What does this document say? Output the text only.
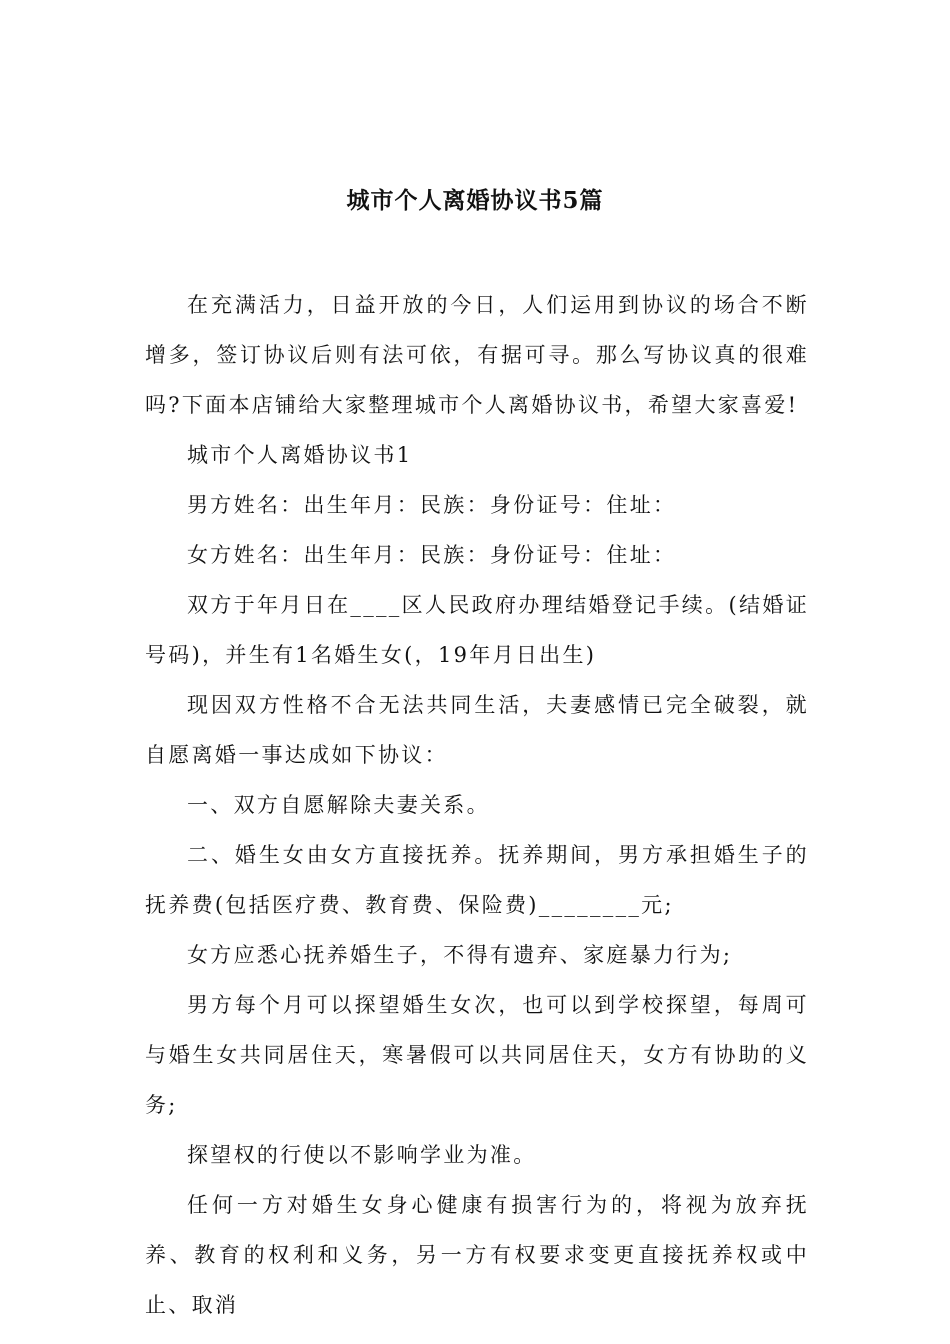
城市个人离婚协议书5篇

在充满活力，日益开放的今日，人们运用到协议的场合不断增多，签订协议后则有法可依，有据可寻。那么写协议真的很难吗?下面本店铺给大家整理城市个人离婚协议书，希望大家喜爱!

城市个人离婚协议书1

男方姓名：出生年月：民族：身份证号：住址：

女方姓名：出生年月：民族：身份证号：住址：

双方于年月日在____区人民政府办理结婚登记手续。(结婚证号码)，并生有1名婚生女(，19年月日出生)

现因双方性格不合无法共同生活，夫妻感情已完全破裂，就自愿离婚一事达成如下协议：

一、双方自愿解除夫妻关系。

二、婚生女由女方直接抚养。抚养期间，男方承担婚生子的抚养费(包括医疗费、教育费、保险费)________元;

女方应悉心抚养婚生子，不得有遗弃、家庭暴力行为;

男方每个月可以探望婚生女次，也可以到学校探望，每周可与婚生女共同居住天，寒暑假可以共同居住天，女方有协助的义务;

探望权的行使以不影响学业为准。

任何一方对婚生女身心健康有损害行为的，将视为放弃抚养、教育的权利和义务，另一方有权要求变更直接抚养权或中止、取消
